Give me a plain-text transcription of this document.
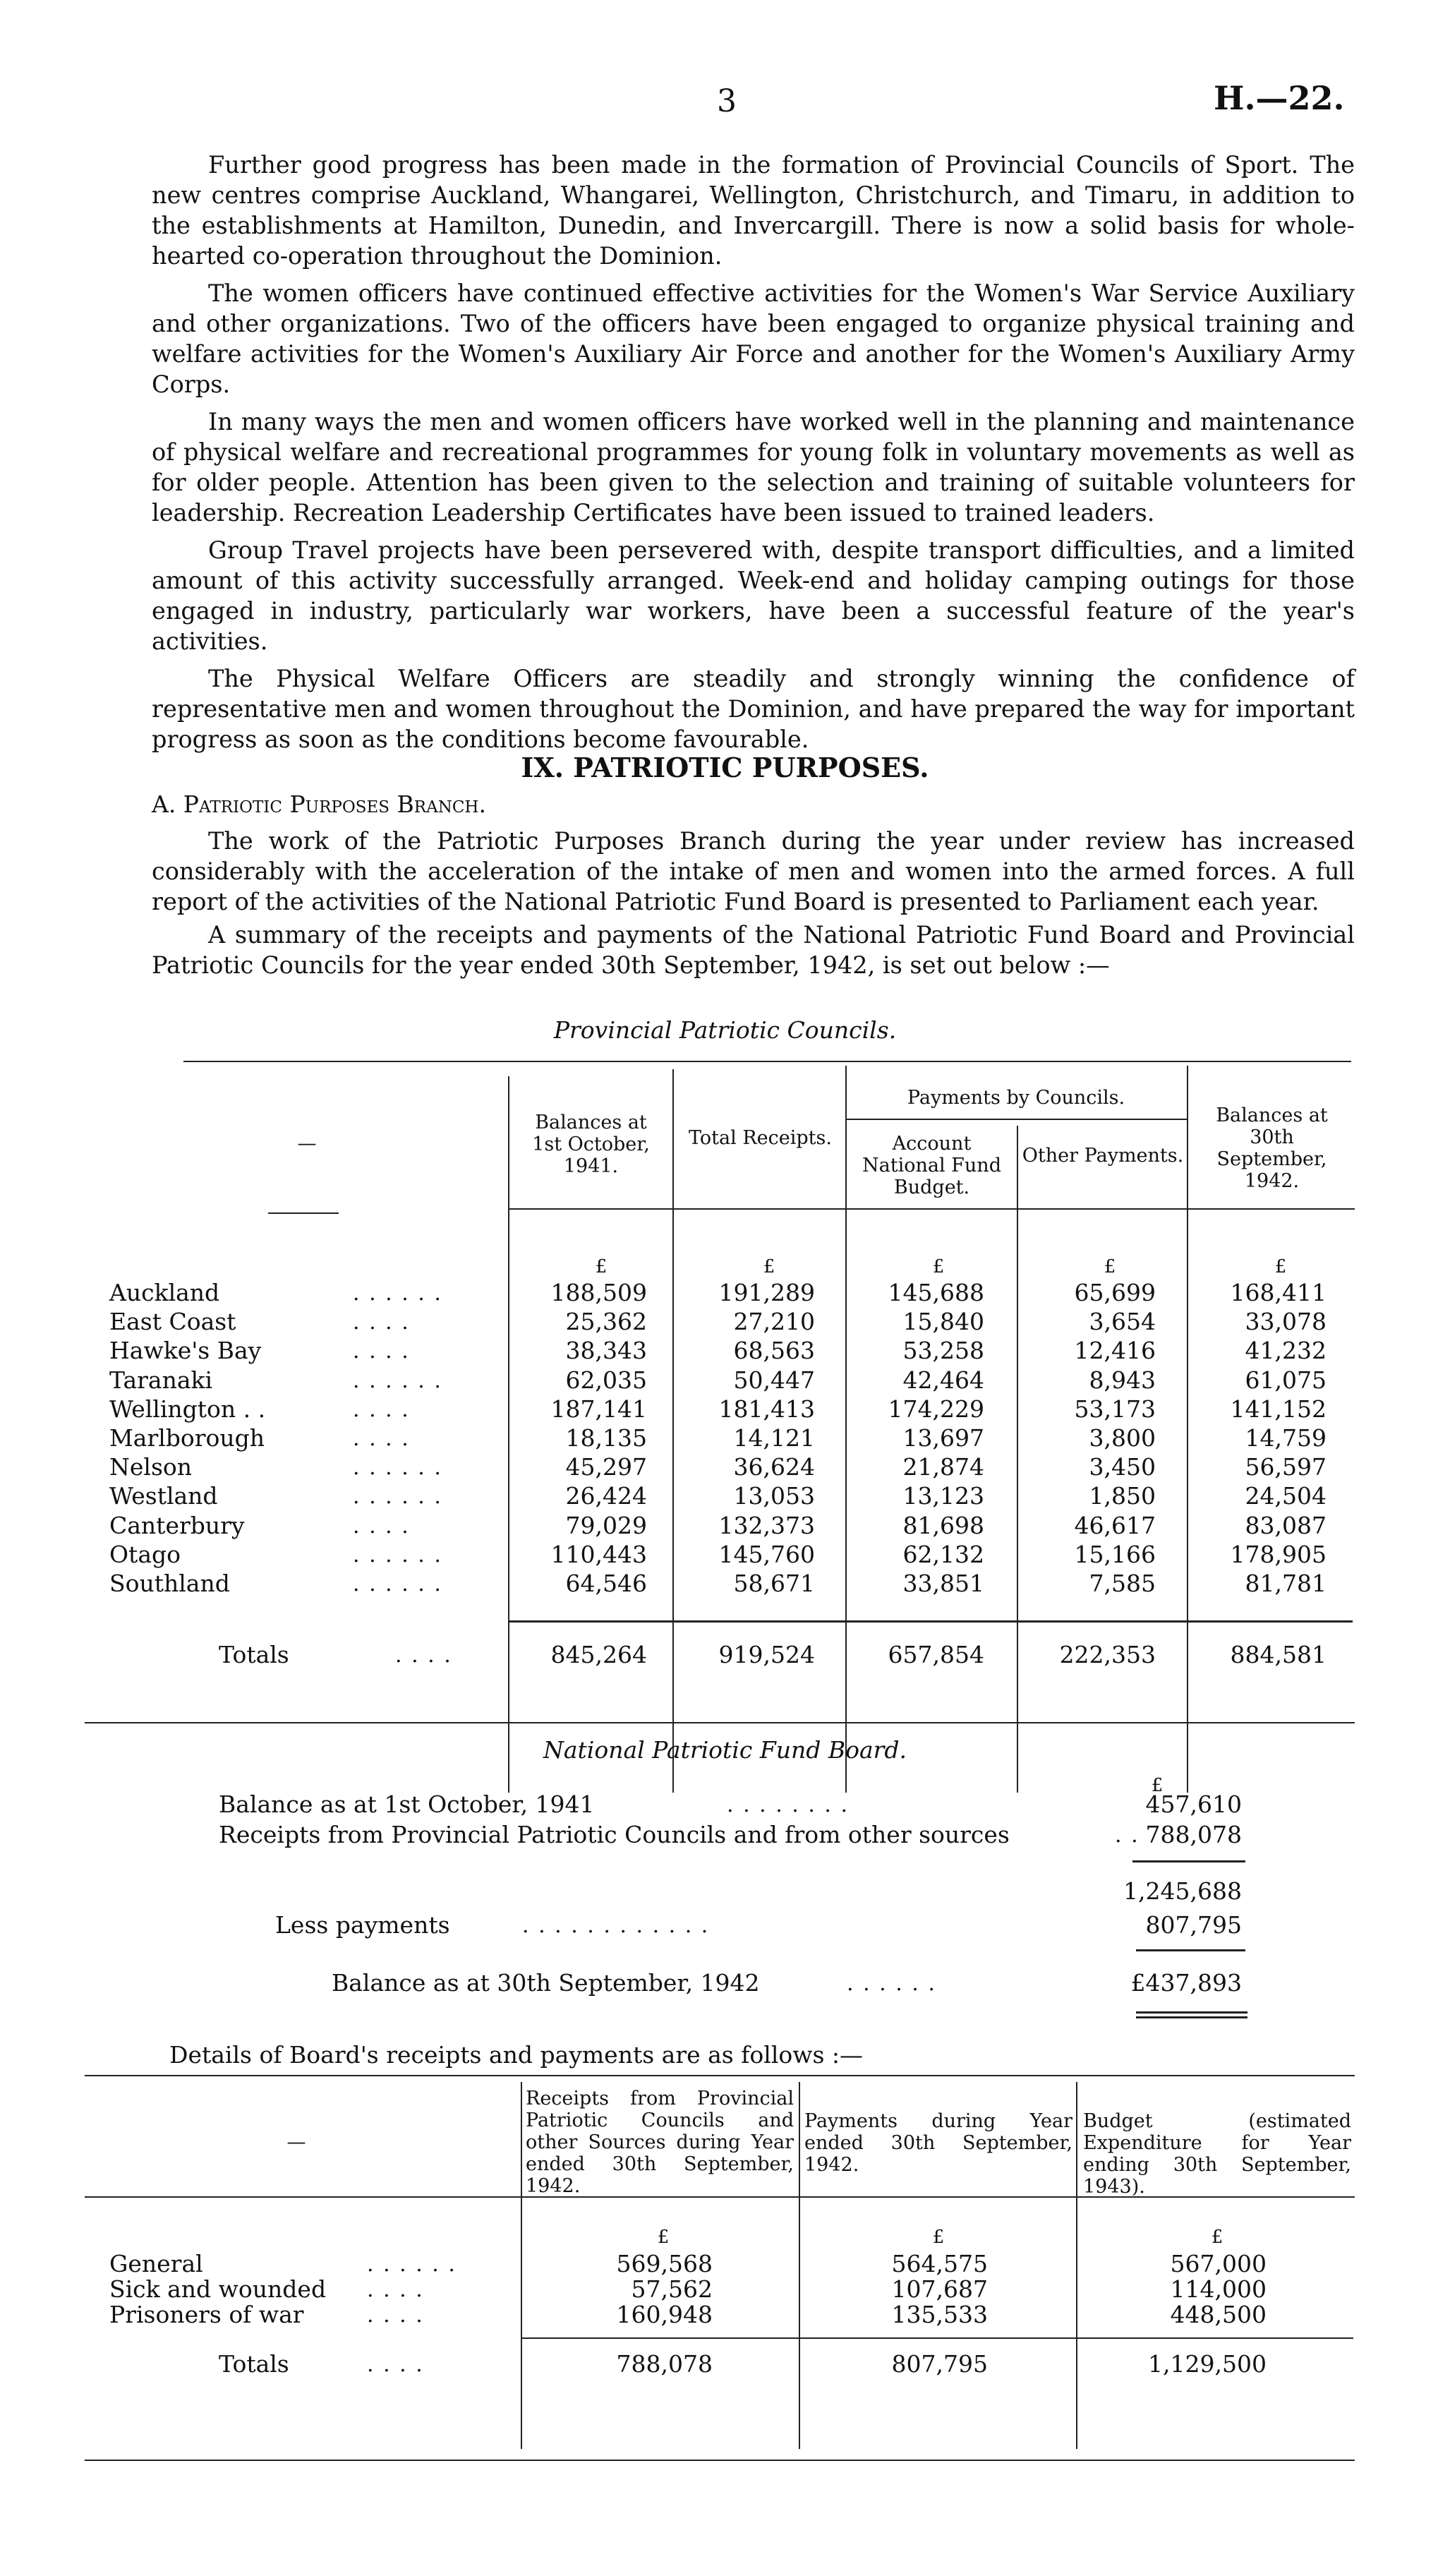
3	H.—22.

Further good progress has been made in the formation of Provincial Councils of Sport. The new centres comprise Auckland, Whangarei, Wellington, Christchurch, and Timaru, in addition to the establishments at Hamilton, Dunedin, and Invercargill. There is now a solid basis for whole-hearted co-operation throughout the Dominion.

The women officers have continued effective activities for the Women's War Service Auxiliary and other organizations. Two of the officers have been engaged to organize physical training and welfare activities for the Women's Auxiliary Air Force and another for the Women's Auxiliary Army Corps.

In many ways the men and women officers have worked well in the planning and maintenance of physical welfare and recreational programmes for young folk in voluntary movements as well as for older people. Attention has been given to the selection and training of suitable volunteers for leadership. Recreation Leadership Certificates have been issued to trained leaders.

Group Travel projects have been persevered with, despite transport difficulties, and a limited amount of this activity successfully arranged. Week-end and holiday camping outings for those engaged in industry, particularly war workers, have been a successful feature of the year's activities.

The Physical Welfare Officers are steadily and strongly winning the confidence of representative men and women throughout the Dominion, and have prepared the way for important progress as soon as the conditions become favourable.

IX. PATRIOTIC PURPOSES.
A. Patriotic Purposes Branch.

The work of the Patriotic Purposes Branch during the year under review has increased considerably with the acceleration of the intake of men and women into the armed forces. A full report of the activities of the National Patriotic Fund Board is presented to Parliament each year.

A summary of the receipts and payments of the National Patriotic Fund Board and Provincial Patriotic Councils for the year ended 30th September, 1942, is set out below :—

Provincial Patriotic Councils.
—
Balances at 1st October, 1941.
Total Receipts.
Payments by Councils.
Account National Fund Budget.
Other Payments.
Balances at 30th September, 1942.
£	£	£	£	£
Auckland	. . . . . .	188,509	191,289	145,688	65,699	168,411
East Coast	. . . .	25,362	27,210	15,840	3,654	33,078
Hawke's Bay	. . . .	38,343	68,563	53,258	12,416	41,232
Taranaki	. . . . . .	62,035	50,447	42,464	8,943	61,075
Wellington . .	. . . .	187,141	181,413	174,229	53,173	141,152
Marlborough	. . . .	18,135	14,121	13,697	3,800	14,759
Nelson	. . . . . .	45,297	36,624	21,874	3,450	56,597
Westland	. . . . . .	26,424	13,053	13,123	1,850	24,504
Canterbury	. . . .	79,029	132,373	81,698	46,617	83,087
Otago	. . . . . .	110,443	145,760	62,132	15,166	178,905
Southland	. . . . . .	64,546	58,671	33,851	7,585	81,781
Totals	. . . .	845,264	919,524	657,854	222,353	884,581
National Patriotic Fund Board.
£
Balance as at 1st October, 1941	. . . . . . . .	457,610
Receipts from Provincial Patriotic Councils and from other sources	. . 788,078
1,245,688
Less payments	. . . . . . . . . . . .	807,795
Balance as at 30th September, 1942	. . . . . .	£437,893
Details of Board's receipts and payments are as follows :—
—
Receipts from Provincial Patriotic Councils and other Sources during Year ended 30th September, 1942.
Payments during Year ended 30th September, 1942.
Budget (estimated Expenditure for Year ending 30th September, 1943).
£	£	£
General	. . . . . .	569,568	564,575	567,000
Sick and wounded . . . .	57,562	107,687	114,000
Prisoners of war	. . . .	160,948	135,533	448,500
Totals	. . . .	788,078	807,795	1,129,500
